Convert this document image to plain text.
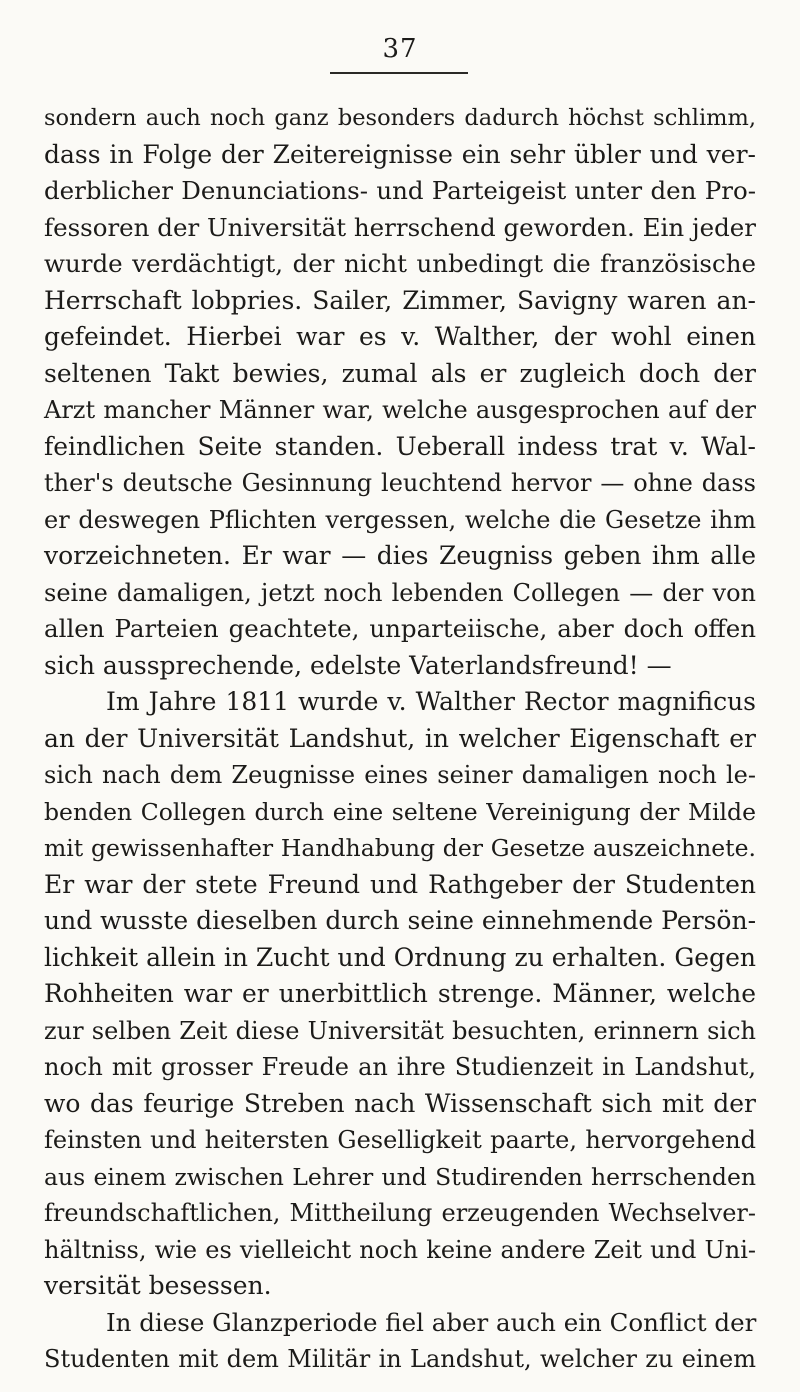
37
sondern auch noch ganz besonders dadurch höchst schlimm,
dass in Folge der Zeitereignisse ein sehr übler und ver-
derblicher Denunciations- und Parteigeist unter den Pro-
fessoren der Universität herrschend geworden. Ein jeder
wurde verdächtigt, der nicht unbedingt die französische
Herrschaft lobpries. Sailer, Zimmer, Savigny waren an-
gefeindet. Hierbei war es v. Walther, der wohl einen
seltenen Takt bewies, zumal als er zugleich doch der
Arzt mancher Männer war, welche ausgesprochen auf der
feindlichen Seite standen. Ueberall indess trat v. Wal-
ther's deutsche Gesinnung leuchtend hervor — ohne dass
er deswegen Pflichten vergessen, welche die Gesetze ihm
vorzeichneten. Er war — dies Zeugniss geben ihm alle
seine damaligen, jetzt noch lebenden Collegen — der von
allen Parteien geachtete, unparteiische, aber doch offen
sich aussprechende, edelste Vaterlandsfreund! —
Im Jahre 1811 wurde v. Walther Rector magnificus
an der Universität Landshut, in welcher Eigenschaft er
sich nach dem Zeugnisse eines seiner damaligen noch le-
benden Collegen durch eine seltene Vereinigung der Milde
mit gewissenhafter Handhabung der Gesetze auszeichnete.
Er war der stete Freund und Rathgeber der Studenten
und wusste dieselben durch seine einnehmende Persön-
lichkeit allein in Zucht und Ordnung zu erhalten. Gegen
Rohheiten war er unerbittlich strenge. Männer, welche
zur selben Zeit diese Universität besuchten, erinnern sich
noch mit grosser Freude an ihre Studienzeit in Landshut,
wo das feurige Streben nach Wissenschaft sich mit der
feinsten und heitersten Geselligkeit paarte, hervorgehend
aus einem zwischen Lehrer und Studirenden herrschenden
freundschaftlichen, Mittheilung erzeugenden Wechselver-
hältniss, wie es vielleicht noch keine andere Zeit und Uni-
versität besessen.
In diese Glanzperiode fiel aber auch ein Conflict der
Studenten mit dem Militär in Landshut, welcher zu einem
